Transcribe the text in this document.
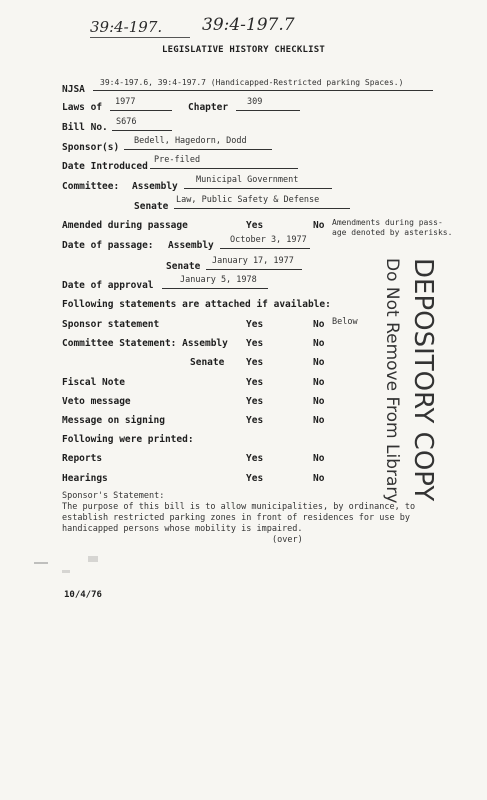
39:4-197. 39:4-197.7
LEGISLATIVE HISTORY CHECKLIST
NJSA
39:4-197.6, 39:4-197.7 (Handicapped-Restricted parking Spaces.)
Laws of 1977	Chapter 309
Bill No. S676
Sponsor(s)
Bedell, Hagedorn, Dodd
Date Introduced
Pre-filed
Committee: Assembly
Municipal Government
Senate
Law, Public Safety & Defense
Amended during passage	Yes	No Amendments during pass-
age denoted by asterisks.
Date of passage: Assembly October 3, 1977
Senate January 17, 1977
Date of approval	January 5, 1978
Following statements are attached if available:
Sponsor statement	Yes	No Below
Committee Statement: Assembly Yes	No
Senate Yes	No
Fiscal Note	Yes	No
Veto message	Yes	No
Message on signing	Yes	No
Following were printed:
Reports	Yes	No
Hearings	Yes	No
Sponsor's Statement:
The purpose of this bill is to allow municipalities, by ordinance, to
establish restricted parking zones in front of residences for use by
handicapped persons whose mobility is impaired.
(over)
DEPOSITORY COPY
Do Not Remove From Library
10/4/76
